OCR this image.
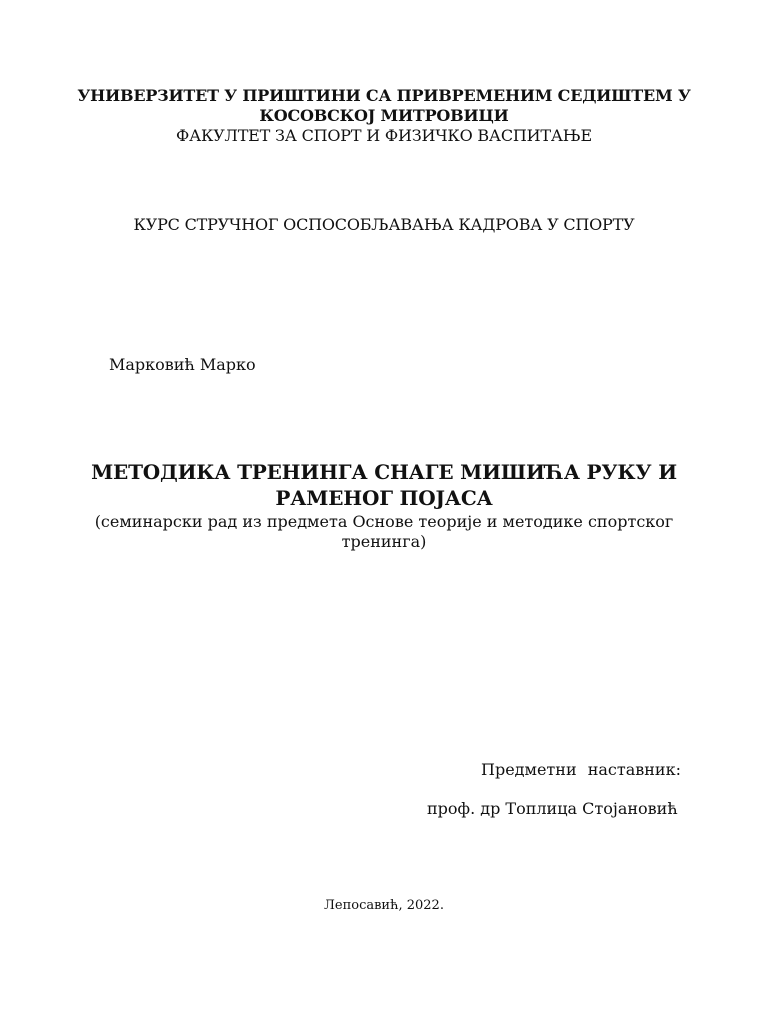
УНИВЕРЗИТЕТ У ПРИШТИНИ СА ПРИВРЕМЕНИМ СЕДИШТЕМ У
КОСОВСКОЈ МИТРОВИЦИ
ФАКУЛТЕТ ЗА СПОРТ И ФИЗИЧКО ВАСПИТАЊЕ
КУРС СТРУЧНОГ ОСПОСОБЉАВАЊА КАДРОВА У СПОРТУ
Марковић Марко
МЕТОДИКА ТРЕНИНГА СНАГЕ МИШИЋА РУКУ И
РАМЕНОГ ПОЈАСА
(семинарски рад из предмета Основе теорије и методике спортског
тренинга)
Предметни наставник:
проф. др Топлица Стојановић
Лепосавић, 2022.
